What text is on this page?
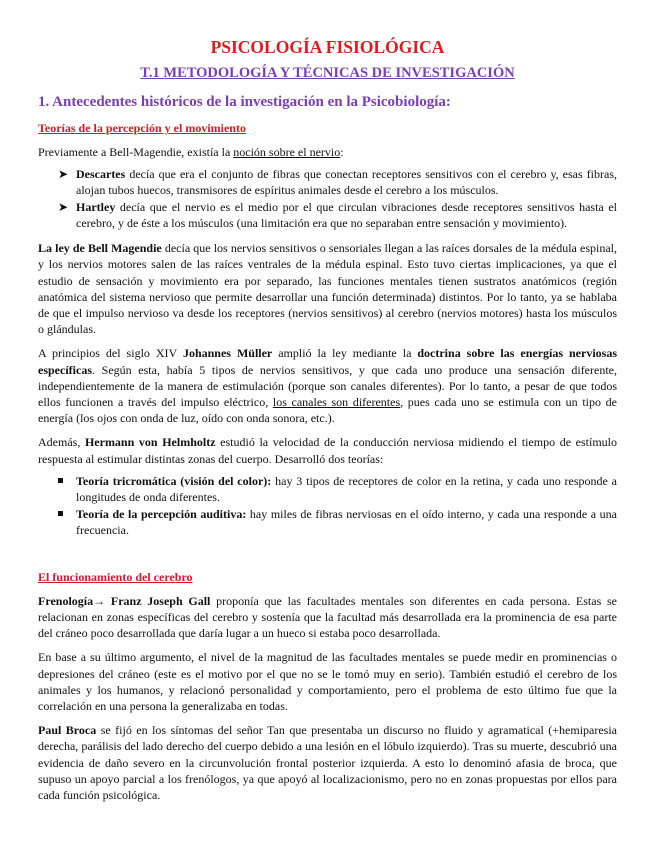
PSICOLOGÍA FISIOLÓGICA
T.1 METODOLOGÍA Y TÉCNICAS DE INVESTIGACIÓN
1. Antecedentes históricos de la investigación en la Psicobiología:
Teorías de la percepción y el movimiento

Previamente a Bell-Magendie, existía la noción sobre el nervio:

➤ Descartes decía que era el conjunto de fibras que conectan receptores sensitivos con el cerebro y, esas fibras, alojan tubos huecos, transmisores de espíritus animales desde el cerebro a los músculos.
➤ Hartley decía que el nervio es el medio por el que circulan vibraciones desde receptores sensitivos hasta el cerebro, y de éste a los músculos (una limitación era que no separaban entre sensación y movimiento).

La ley de Bell Magendie decía que los nervios sensitivos o sensoriales llegan a las raíces dorsales de la médula espinal, y los nervios motores salen de las raíces ventrales de la médula espinal. Esto tuvo ciertas implicaciones, ya que el estudio de sensación y movimiento era por separado, las funciones mentales tienen sustratos anatómicos (región anatómica del sistema nervioso que permite desarrollar una función determinada) distintos. Por lo tanto, ya se hablaba de que el impulso nervioso va desde los receptores (nervios sensitivos) al cerebro (nervios motores) hasta los músculos o glándulas.

A principios del siglo XIV Johannes Müller amplió la ley mediante la doctrina sobre las energías nerviosas específicas. Según esta, había 5 tipos de nervios sensitivos, y que cada uno produce una sensación diferente, independientemente de la manera de estimulación (porque son canales diferentes). Por lo tanto, a pesar de que todos ellos funcionen a través del impulso eléctrico, los canales son diferentes, pues cada uno se estimula con un tipo de energía (los ojos con onda de luz, oído con onda sonora, etc.).

Además, Hermann von Helmholtz estudió la velocidad de la conducción nerviosa midiendo el tiempo de estímulo respuesta al estimular distintas zonas del cuerpo. Desarrolló dos teorías:

Teoría tricromática (visión del color): hay 3 tipos de receptores de color en la retina, y cada uno responde a longitudes de onda diferentes.
Teoría de la percepción auditiva: hay miles de fibras nerviosas en el oído interno, y cada una responde a una frecuencia.
El funcionamiento del cerebro

Frenología→ Franz Joseph Gall proponía que las facultades mentales son diferentes en cada persona. Estas se relacionan en zonas específicas del cerebro y sostenía que la facultad más desarrollada era la prominencia de esa parte del cráneo poco desarrollada que daría lugar a un hueco si estaba poco desarrollada.

En base a su último argumento, el nivel de la magnitud de las facultades mentales se puede medir en prominencias o depresiones del cráneo (este es el motivo por el que no se le tomó muy en serio). También estudió el cerebro de los animales y los humanos, y relacionó personalidad y comportamiento, pero el problema de esto último fue que la correlación en una persona la generalizaba en todas.

Paul Broca se fijó en los síntomas del señor Tan que presentaba un discurso no fluido y agramatical (+hemiparesia derecha, parálisis del lado derecho del cuerpo debido a una lesión en el lóbulo izquierdo). Tras su muerte, descubrió una evidencia de daño severo en la circunvolución frontal posterior izquierda. A esto lo denominó afasia de broca, que supuso un apoyo parcial a los frenólogos, ya que apoyó al localizacionismo, pero no en zonas propuestas por ellos para cada función psicológica.
